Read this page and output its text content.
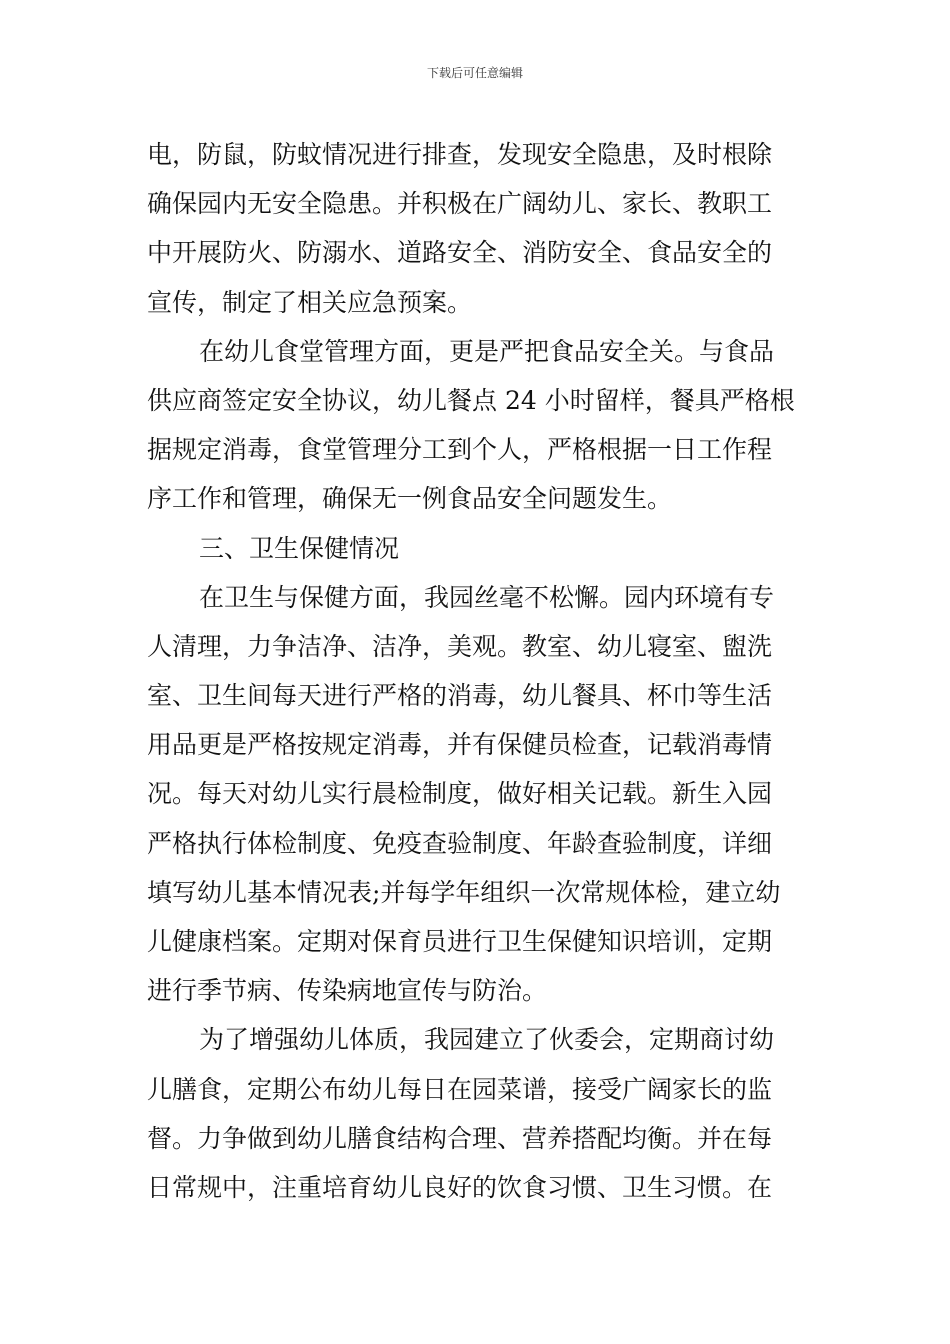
下载后可任意编辑
电，防鼠，防蚊情况进行排查，发现安全隐患，及时根除
确保园内无安全隐患。并积极在广阔幼儿、家长、教职工
中开展防火、防溺水、道路安全、消防安全、食品安全的
宣传，制定了相关应急预案。
在幼儿食堂管理方面，更是严把食品安全关。与食品
供应商签定安全协议，幼儿餐点 24 小时留样，餐具严格根
据规定消毒，食堂管理分工到个人，严格根据一日工作程
序工作和管理，确保无一例食品安全问题发生。
三、卫生保健情况
在卫生与保健方面，我园丝毫不松懈。园内环境有专
人清理，力争洁净、洁净，美观。教室、幼儿寝室、盥洗
室、卫生间每天进行严格的消毒，幼儿餐具、杯巾等生活
用品更是严格按规定消毒，并有保健员检查，记载消毒情
况。每天对幼儿实行晨检制度，做好相关记载。新生入园
严格执行体检制度、免疫查验制度、年龄查验制度，详细
填写幼儿基本情况表;并每学年组织一次常规体检，建立幼
儿健康档案。定期对保育员进行卫生保健知识培训，定期
进行季节病、传染病地宣传与防治。
为了增强幼儿体质，我园建立了伙委会，定期商讨幼
儿膳食，定期公布幼儿每日在园菜谱，接受广阔家长的监
督。力争做到幼儿膳食结构合理、营养搭配均衡。并在每
日常规中，注重培育幼儿良好的饮食习惯、卫生习惯。在
